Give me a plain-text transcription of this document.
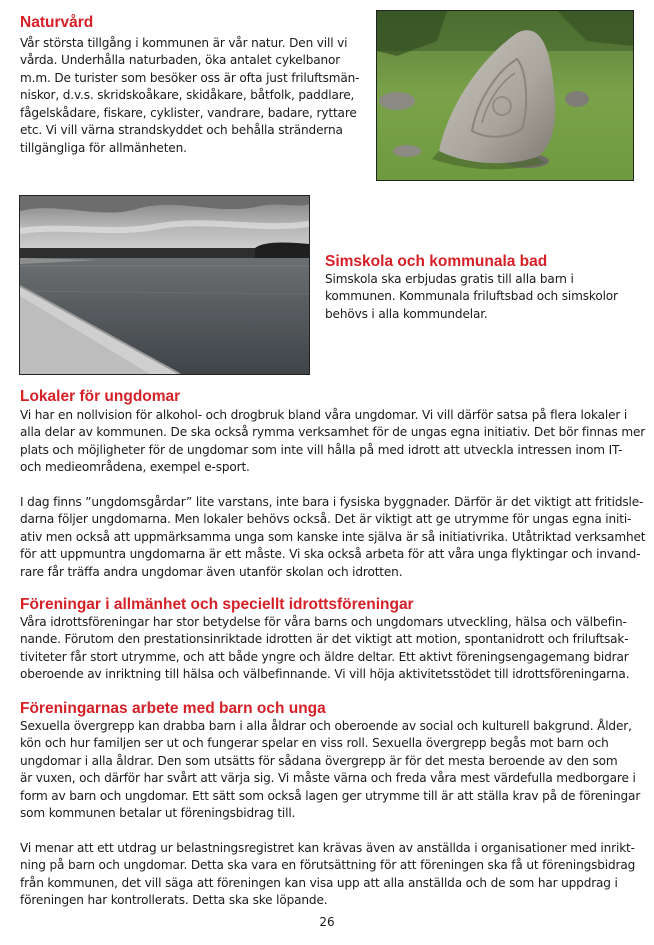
Naturvård
Vår största tillgång i kommunen är vår natur. Den vill vi
vårda. Underhålla naturbaden, öka antalet cykelbanor
m.m. De turister som besöker oss är ofta just friluftsmän-
niskor, d.v.s. skridskoåkare, skidåkare, båtfolk, paddlare,
fågelskådare, fiskare, cyklister, vandrare, badare, ryttare
etc. Vi vill värna strandskyddet och behålla stränderna
tillgängliga för allmänheten.
Simskola och kommunala bad
Simskola ska erbjudas gratis till alla barn i
kommunen. Kommunala friluftsbad och simskolor
behövs i alla kommundelar.
Lokaler för ungdomar
Vi har en nollvision för alkohol- och drogbruk bland våra ungdomar. Vi vill därför satsa på flera lokaler i
alla delar av kommunen. De ska också rymma verksamhet för de ungas egna initiativ. Det bör finnas mer
plats och möjligheter för de ungdomar som inte vill hålla på med idrott att utveckla intressen inom IT-
och medieområdena, exempel e-sport.
I dag finns ”ungdomsgårdar” lite varstans, inte bara i fysiska byggnader. Därför är det viktigt att fritidsle-
darna följer ungdomarna. Men lokaler behövs också. Det är viktigt att ge utrymme för ungas egna initi-
ativ men också att uppmärksamma unga som kanske inte själva är så initiativrika. Utåtriktad verksamhet
för att uppmuntra ungdomarna är ett måste. Vi ska också arbeta för att våra unga flyktingar och invand-
rare får träffa andra ungdomar även utanför skolan och idrotten.
Föreningar i allmänhet och speciellt idrottsföreningar
Våra idrottsföreningar har stor betydelse för våra barns och ungdomars utveckling, hälsa och välbefin-
nande. Förutom den prestationsinriktade idrotten är det viktigt att motion, spontanidrott och friluftsak-
tiviteter får stort utrymme, och att både yngre och äldre deltar. Ett aktivt föreningsengagemang bidrar
oberoende av inriktning till hälsa och välbefinnande. Vi vill höja aktivitetsstödet till idrottsföreningarna.
Föreningarnas arbete med barn och unga
Sexuella övergrepp kan drabba barn i alla åldrar och oberoende av social och kulturell bakgrund. Ålder,
kön och hur familjen ser ut och fungerar spelar en viss roll. Sexuella övergrepp begås mot barn och
ungdomar i alla åldrar. Den som utsätts för sådana övergrepp är för det mesta beroende av den som
är vuxen, och därför har svårt att värja sig. Vi måste värna och freda våra mest värdefulla medborgare i
form av barn och ungdomar. Ett sätt som också lagen ger utrymme till är att ställa krav på de föreningar
som kommunen betalar ut föreningsbidrag till.
Vi menar att ett utdrag ur belastningsregistret kan krävas även av anställda i organisationer med inrikt-
ning på barn och ungdomar. Detta ska vara en förutsättning för att föreningen ska få ut föreningsbidrag
från kommunen, det vill säga att föreningen kan visa upp att alla anställda och de som har uppdrag i
föreningen har kontrollerats. Detta ska ske löpande.
26
